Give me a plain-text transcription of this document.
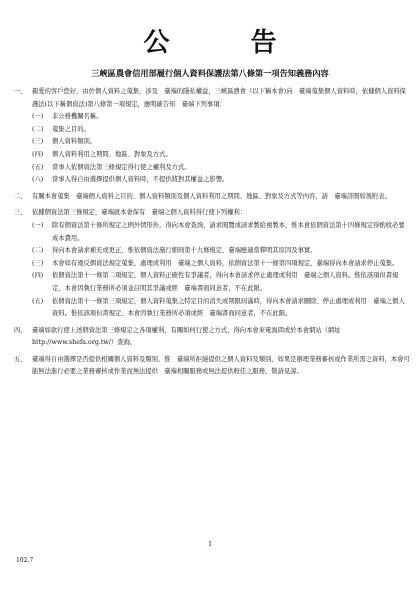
公 告
三峽區農會信用部履行個人資料保護法第八條第一項告知義務內容
一、 親愛的客戶您好，由於個人資料之蒐集，涉及　臺端的隱私權益，三峽區農會（以下稱本會)向　臺端蒐集個人資料時，依據個人資料保護法(以下稱個資法)第八條第一項規定，應明確告知　臺端下列事項：
(一) 非公務機關名稱。
(二) 蒐集之目的。
(三) 個人資料類別。
(四) 個人資料利用之期間、地區、對象及方式。
(五) 當事人依個資法第三條規定得行使之權利及方式。
(六) 當事人得自由選擇提供個人資料時，不提供將對其權益之影響。
二、 有關本會蒐集　臺端個人資料之目的、個人資料類別及個人資料利用之期間、地區、對象及方式等內容，請　臺端詳閱如後附表。
三、 依據個資法第三條規定，臺端就本會保有　臺端之個人資料得行使下列權利：
(一) 除有個資法第十條所規定之例外情形外，得向本會查詢、請求閱覽或請求製給複製本，惟本會依個資法第十四條規定得酌收必要成本費用。
(二) 得向本會請求補充或更正，惟依個資法施行細則第十九條規定，臺端應適當釋明其原因及事實。
(三) 本會如有違反個資法規定蒐集、處理或利用　臺端之個人資料，依個資法第十一條第四項規定，臺端得向本會請求停止蒐集。
(四) 依個資法第十一條第二項規定，個人資料正確性有爭議者，得向本會請求停止處理或利用　臺端之個人資料。惟依該項但書規定，本會因執行業務所必須並註明其爭議或經　臺端書面同意者，不在此限。
(五) 依個資法第十一條第三項規定，個人資料蒐集之特定目的消失或期限屆滿時，得向本會請求刪除、停止處理或利用　臺端之個人資料。惟依該項但書規定，本會因執行業務所必須或經　臺端書面同意者，不在此限。
四、 臺端如欲行使上述個資法第三條規定之各項權利，有關如何行使之方式，得向本會來電詢問或於本會網站（網址 http://www.shefa.org.tw/）查詢。
五、 臺端得自由選擇是否提供相關個人資料及類別，惟　臺端所拒絕提供之個人資料及類別，如果是辦理業務審核或作業所需之資料，本會可能無法進行必要之業務審核或作業而無法提供　臺端相關服務或無法提供較佳之服務，敬請見諒。
1
102.7
